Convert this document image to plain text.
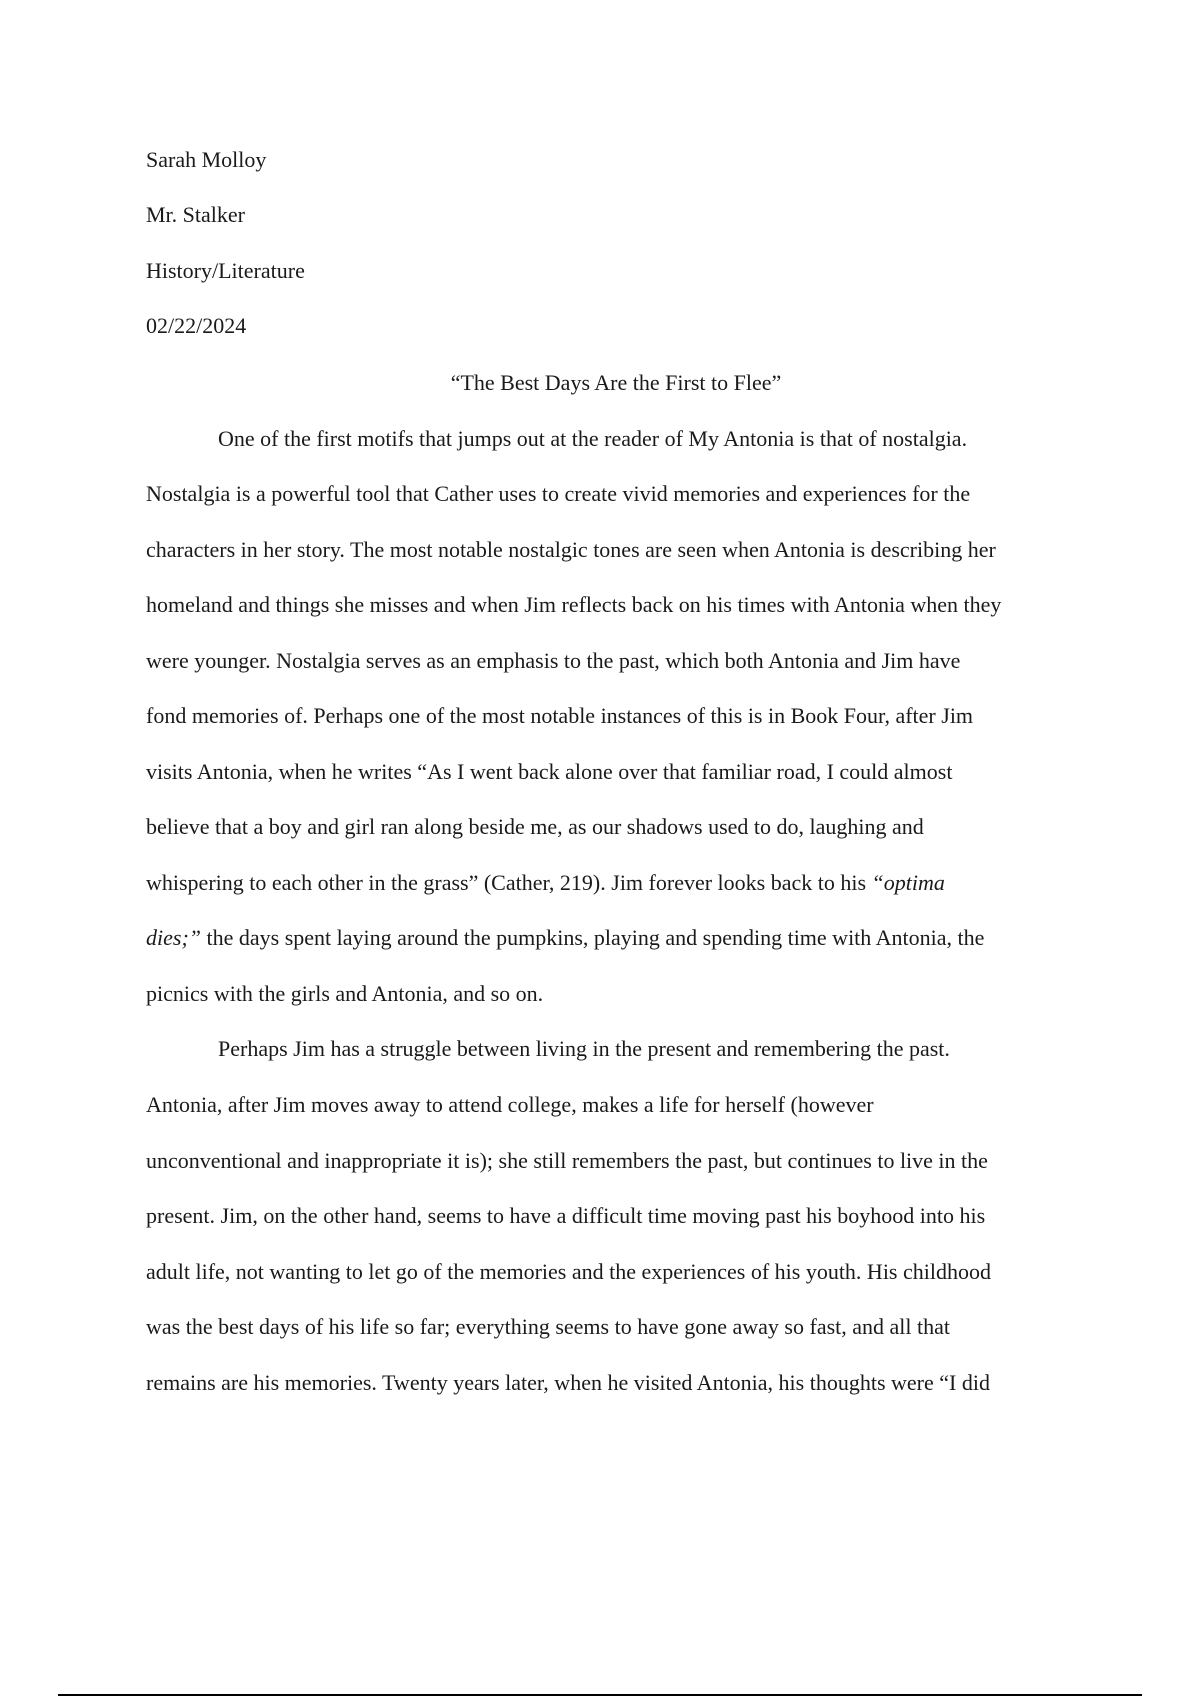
Sarah Molloy
Mr. Stalker
History/Literature
02/22/2024
“The Best Days Are the First to Flee”
One of the first motifs that jumps out at the reader of My Antonia is that of nostalgia.
Nostalgia is a powerful tool that Cather uses to create vivid memories and experiences for the
characters in her story. The most notable nostalgic tones are seen when Antonia is describing her
homeland and things she misses and when Jim reflects back on his times with Antonia when they
were younger. Nostalgia serves as an emphasis to the past, which both Antonia and Jim have
fond memories of. Perhaps one of the most notable instances of this is in Book Four, after Jim
visits Antonia, when he writes “As I went back alone over that familiar road, I could almost
believe that a boy and girl ran along beside me, as our shadows used to do, laughing and
whispering to each other in the grass” (Cather, 219). Jim forever looks back to his “optima
dies;” the days spent laying around the pumpkins, playing and spending time with Antonia, the
picnics with the girls and Antonia, and so on.
Perhaps Jim has a struggle between living in the present and remembering the past.
Antonia, after Jim moves away to attend college, makes a life for herself (however
unconventional and inappropriate it is); she still remembers the past, but continues to live in the
present. Jim, on the other hand, seems to have a difficult time moving past his boyhood into his
adult life, not wanting to let go of the memories and the experiences of his youth. His childhood
was the best days of his life so far; everything seems to have gone away so fast, and all that
remains are his memories. Twenty years later, when he visited Antonia, his thoughts were “I did
